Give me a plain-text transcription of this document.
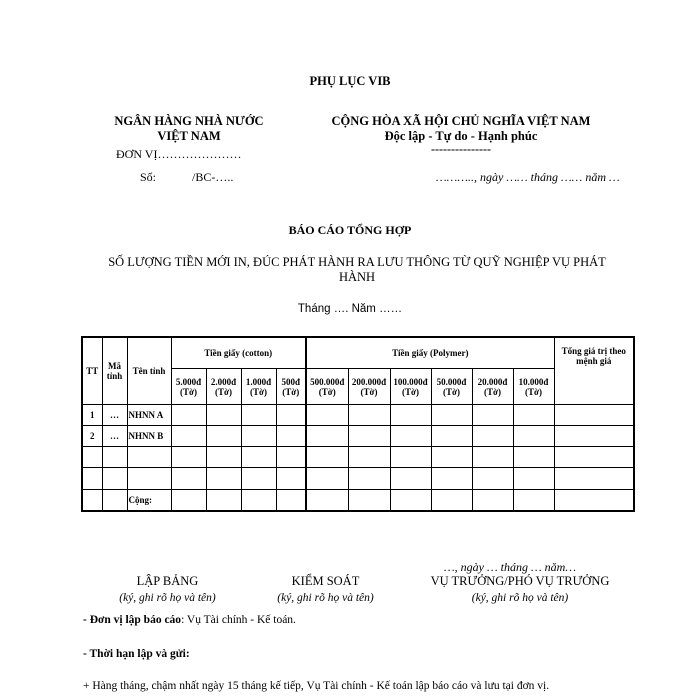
PHỤ LỤC VIB
NGÂN HÀNG NHÀ NƯỚC
VIỆT NAM
ĐƠN VỊ…………………
Số:	/BC-…..
CỘNG HÒA XÃ HỘI CHỦ NGHĨA VIỆT NAM
Độc lập - Tự do - Hạnh phúc
---------------
……….., ngày …… tháng …… năm …
BÁO CÁO TỔNG HỢP
SỐ LƯỢNG TIỀN MỚI IN, ĐÚC PHÁT HÀNH RA LƯU THÔNG TỪ QUỸ NGHIỆP VỤ PHÁT HÀNH
Tháng …. Năm ……
TT	Mã tỉnh	Tên tỉnh	Tiền giấy (cotton)				Tiền giấy (Polymer)						Tổng giá trị theo mệnh giá
			5.000đ (Tờ)	2.000đ (Tờ)	1.000đ (Tờ)	500đ (Tờ)	500.000đ (Tờ)	200.000đ (Tờ)	100.000đ (Tờ)	50.000đ (Tờ)	20.000đ (Tờ)	10.000đ (Tờ)	
1	…	NHNN A											
2	…	NHNN B											

		Cộng:											
…, ngày … tháng … năm…
LẬP BẢNG
(ký, ghi rõ họ và tên)
KIỂM SOÁT
(ký, ghi rõ họ và tên)
VỤ TRƯỞNG/PHÓ VỤ TRƯỞNG
(ký, ghi rõ họ và tên)
- Đơn vị lập báo cáo: Vụ Tài chính - Kế toán.
- Thời hạn lập và gửi:
+ Hàng tháng, chậm nhất ngày 15 tháng kế tiếp, Vụ Tài chính - Kế toán lập báo cáo và lưu tại đơn vị.
